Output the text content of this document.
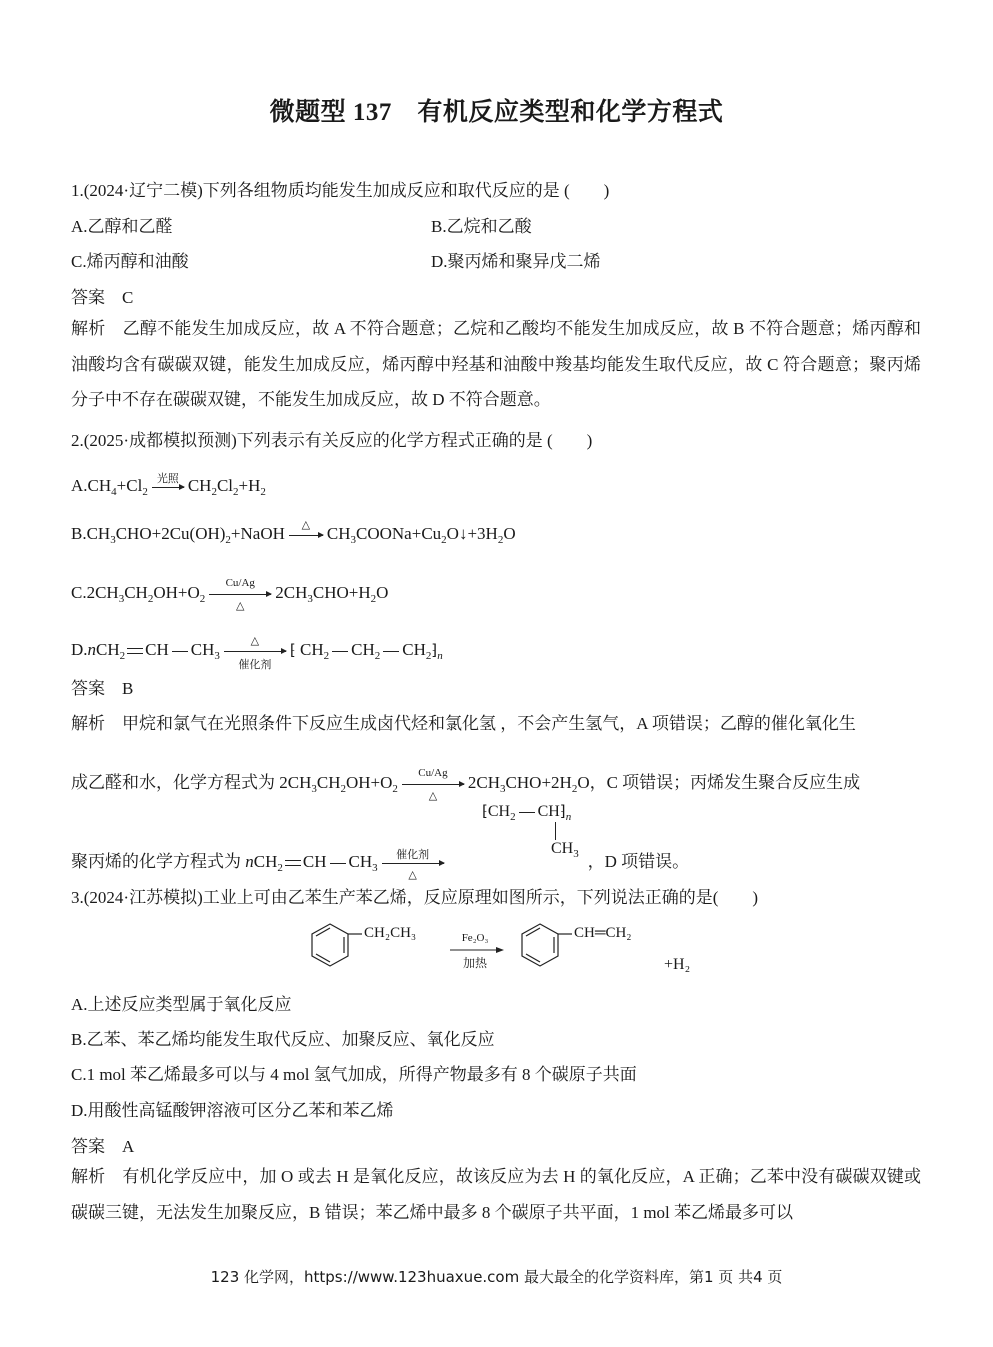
微题型 137　有机反应类型和化学方程式
1.(2024·辽宁二模)下列各组物质均能发生加成反应和取代反应的是 (　　)
A.乙醇和乙醛	B.乙烷和乙酸
C.烯丙醇和油酸	D.聚丙烯和聚异戊二烯
答案　C
解析　乙醇不能发生加成反应，故 A 不符合题意；乙烷和乙酸均不能发生加成反应，故 B 不符合题意；烯丙醇和油酸均含有碳碳双键，能发生加成反应，烯丙醇中羟基和油酸中羧基均能发生取代反应，故 C 符合题意；聚丙烯分子中不存在碳碳双键，不能发生加成反应，故 D 不符合题意。
2.(2025·成都模拟预测)下列表示有关反应的化学方程式正确的是 (　　)
$A.CH_4+Cl_2$
光照 $CH_2Cl_2+H_2$
$B.CH_3CHO+2Cu(OH)_2+NaOH$	△ $CH_3COONa+Cu_2O↓+3H_2O$
$C.2CH_3CH_2OH+O_2$
Cu/Ag
△
$2CH_3CHO+H_2O$
D.nCH$_2$ CH $CH_3$
△
催化剂
⁅ $CH_2$ $CH_2$ $CH_2⁆_n$
答案　B
解析　甲烷和氯气在光照条件下反应生成卤代烃和氯化氢 ，不会产生氢气，A 项错误；乙醇的催化氧化生
成乙醛和水，化学方程式为 $2CH_3CH_2OH+O_2$
Cu/Ag
△
$2CH_3CHO+2H_2O$，C 项错误；丙烯发生聚合反应生成
聚丙烯的化学方程式为 nCH$_2$ CH $CH_3$
催化剂
△
，D 项错误。
$⁅CH_2$ $CH⁆_n$
$CH_3$
3.(2024·江苏模拟)工业上可由乙苯生产苯乙烯，反应原理如图所示，下列说法正确的是(　　)
CH₂CH₃	Fe₂O₃
加热
CH═CH₂
+H₂
A.上述反应类型属于氧化反应
B.乙苯、苯乙烯均能发生取代反应、加聚反应、氧化反应
C.1 mol 苯乙烯最多可以与 4 mol 氢气加成，所得产物最多有 8 个碳原子共面
D.用酸性高锰酸钾溶液可区分乙苯和苯乙烯
答案　A
解析　有机化学反应中，加 O 或去 H 是氧化反应，故该反应为去 H 的氧化反应，A 正确；乙苯中没有碳碳双键或碳碳三键，无法发生加聚反应，B 错误；苯乙烯中最多 8 个碳原子共平面，1 mol 苯乙烯最多可以
123 化学网，https://www.123huaxue.com 最大最全的化学资料库，第1 页 共4 页
